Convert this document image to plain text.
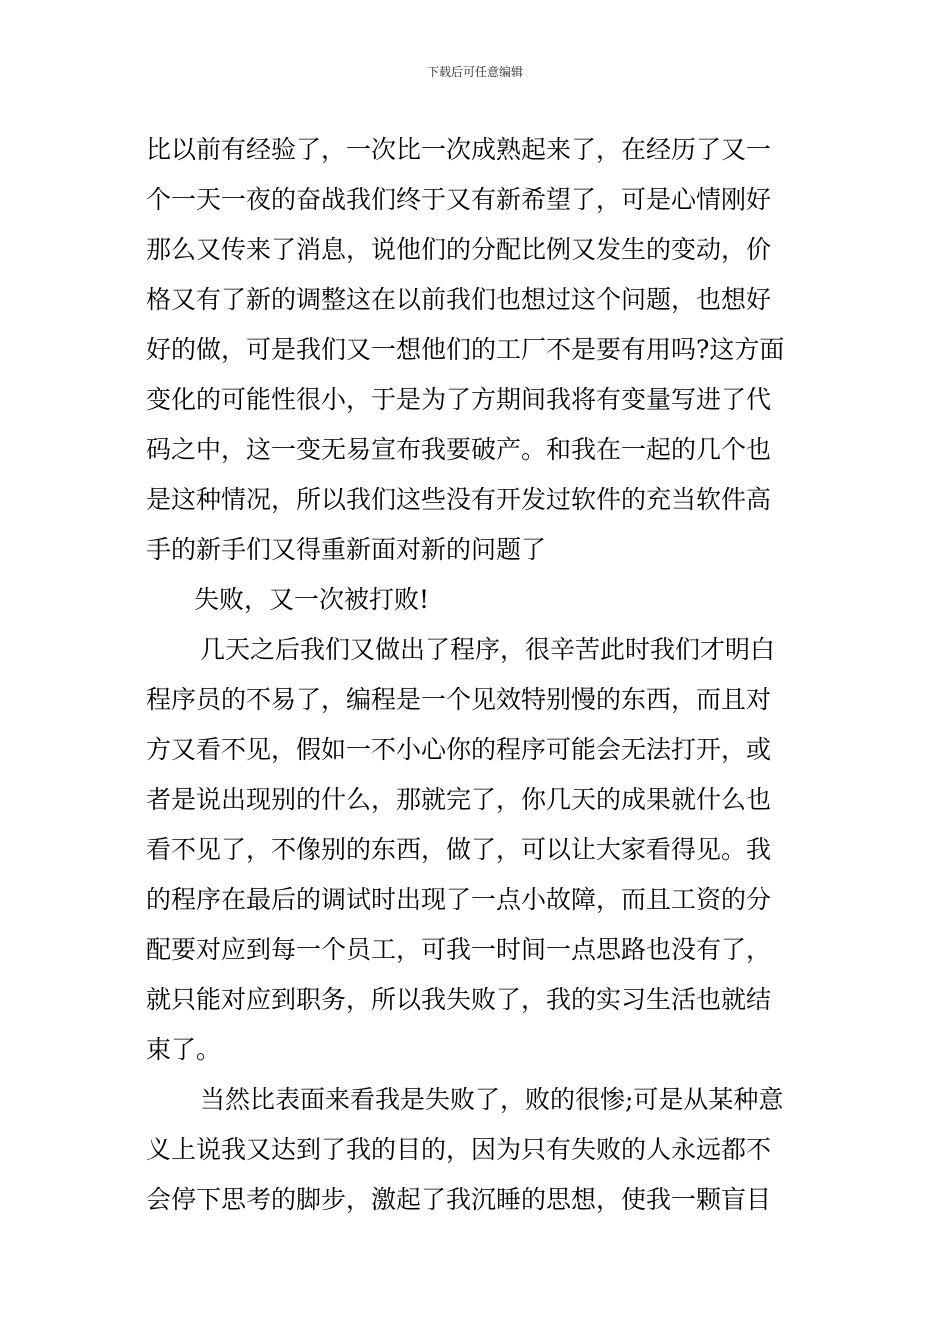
下载后可任意编辑
比以前有经验了，一次比一次成熟起来了，在经历了又一
个一天一夜的奋战我们终于又有新希望了，可是心情刚好
那么又传来了消息，说他们的分配比例又发生的变动，价
格又有了新的调整这在以前我们也想过这个问题，也想好
好的做，可是我们又一想他们的工厂不是要有用吗?这方面
变化的可能性很小，于是为了方期间我将有变量写进了代
码之中，这一变无易宣布我要破产。和我在一起的几个也
是这种情况，所以我们这些没有开发过软件的充当软件高
手的新手们又得重新面对新的问题了
失败，又一次被打败!
几天之后我们又做出了程序，很辛苦此时我们才明白
程序员的不易了，编程是一个见效特别慢的东西，而且对
方又看不见，假如一不小心你的程序可能会无法打开，或
者是说出现别的什么，那就完了，你几天的成果就什么也
看不见了，不像别的东西，做了，可以让大家看得见。我
的程序在最后的调试时出现了一点小故障，而且工资的分
配要对应到每一个员工，可我一时间一点思路也没有了，
就只能对应到职务，所以我失败了，我的实习生活也就结
束了。
当然比表面来看我是失败了，败的很惨;可是从某种意
义上说我又达到了我的目的，因为只有失败的人永远都不
会停下思考的脚步，激起了我沉睡的思想，使我一颗盲目
